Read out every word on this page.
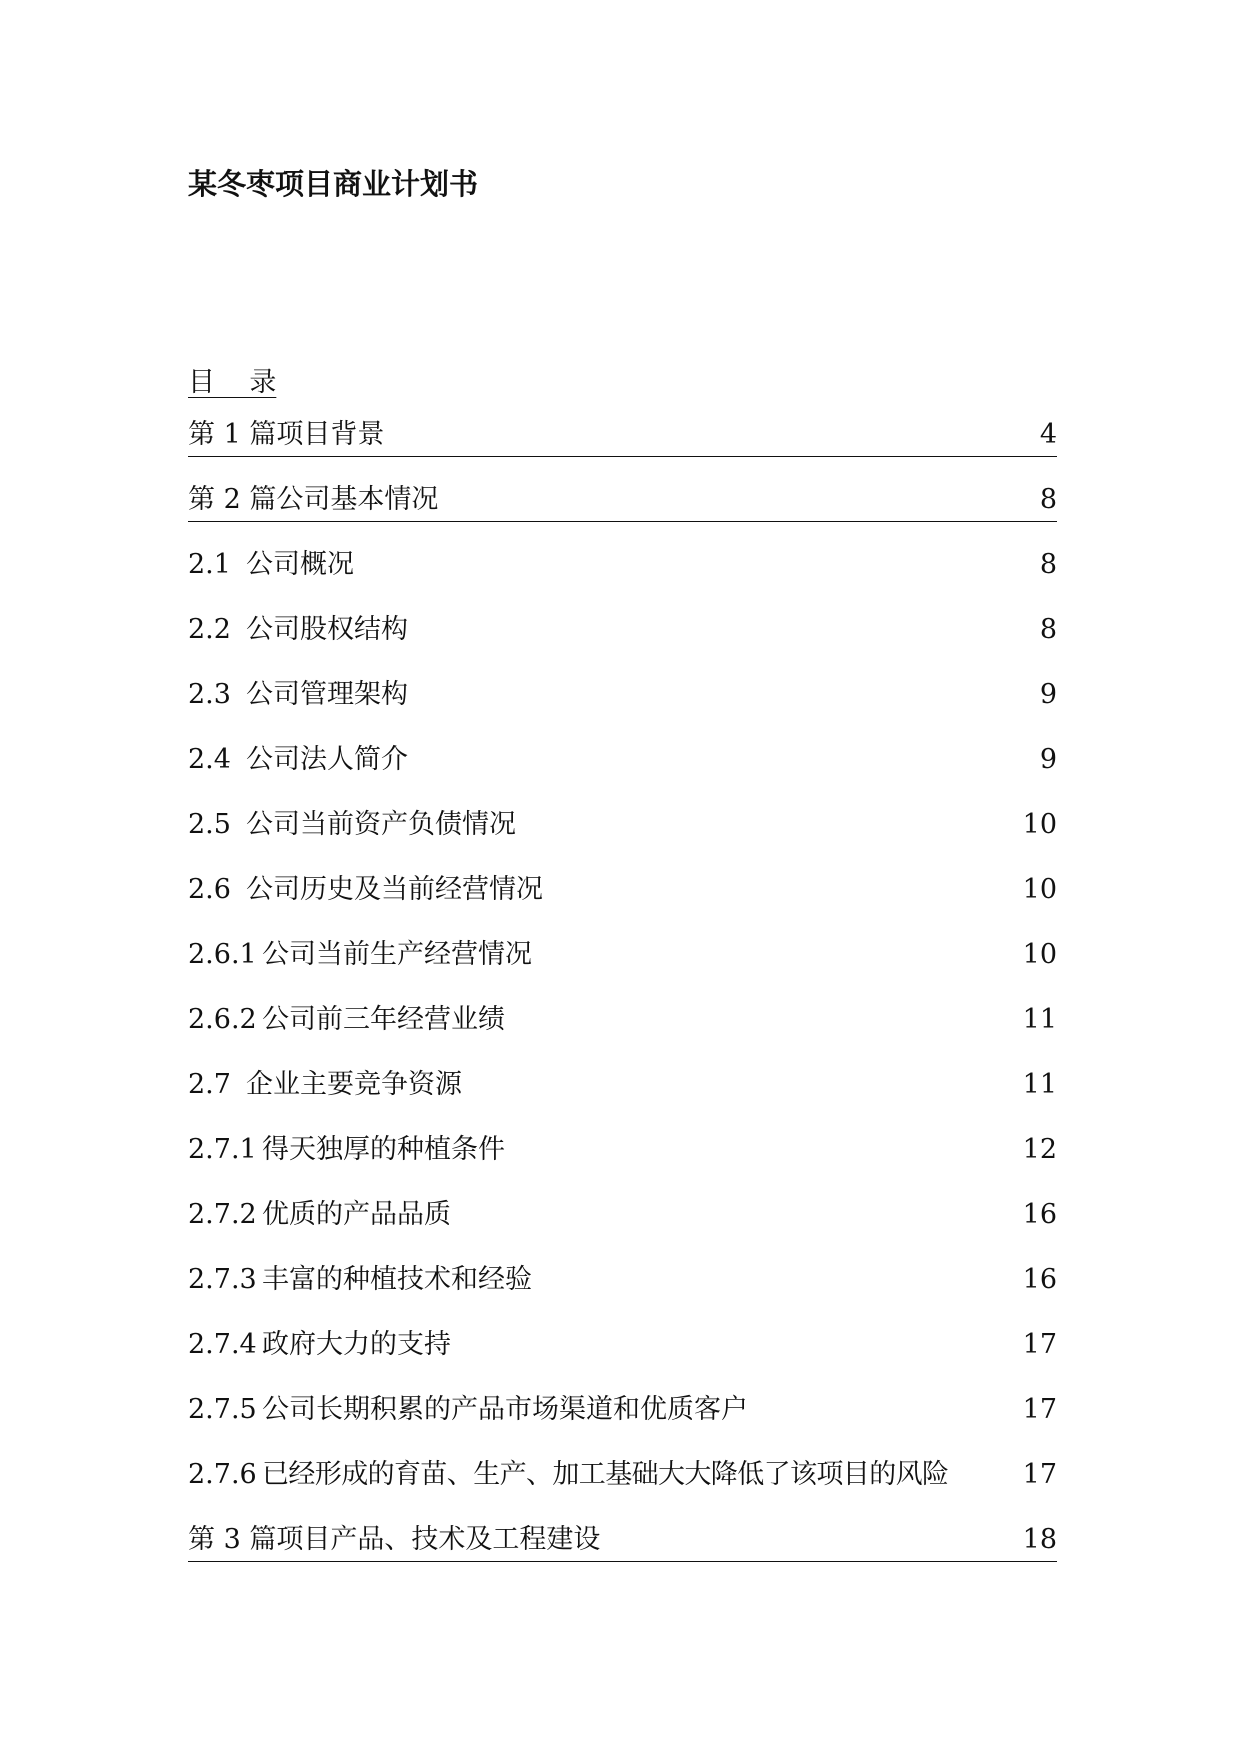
某冬枣项目商业计划书
目    录
第 1 篇 项目背景	4
第 2 篇 公司基本情况	8
2.1 公司概况	8
2.2 公司股权结构	8
2.3 公司管理架构	9
2.4 公司法人简介	9
2.5 公司当前资产负债情况	10
2.6 公司历史及当前经营情况	10
2.6.1 公司当前生产经营情况	10
2.6.2 公司前三年经营业绩	11
2.7 企业主要竞争资源	11
2.7.1 得天独厚的种植条件	12
2.7.2 优质的产品品质	16
2.7.3 丰富的种植技术和经验	16
2.7.4 政府大力的支持	17
2.7.5 公司长期积累的产品市场渠道和优质客户	17
2.7.6 已经形成的育苗、生产、加工基础大大降低了该项目的风险	17
第 3 篇 项目产品、技术及工程建设	18
